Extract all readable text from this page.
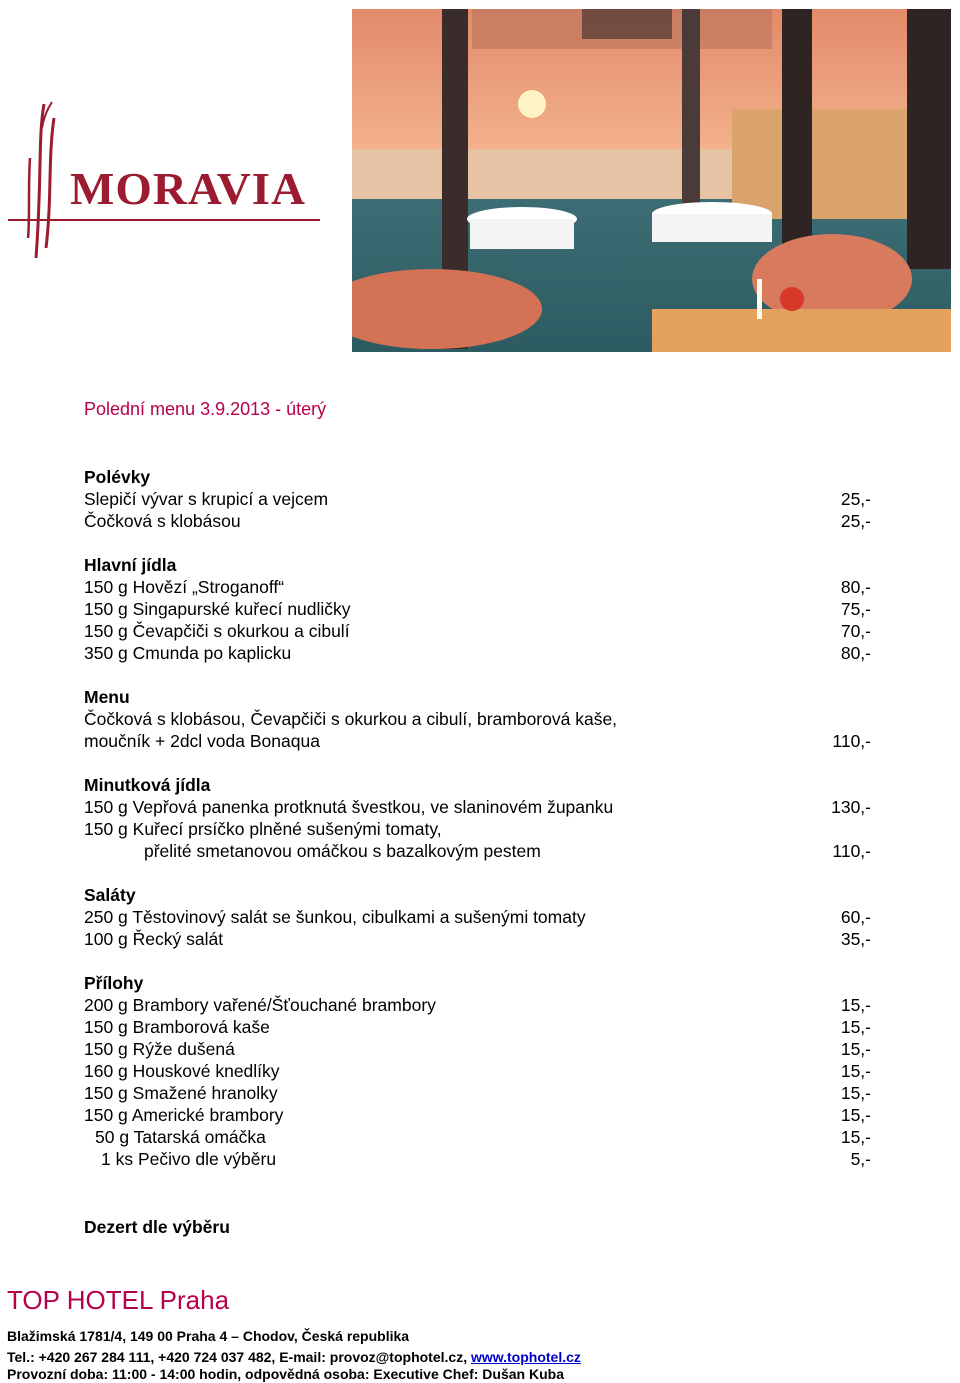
MORAVIA
Polední menu 3.9.2013 - úterý
Polévky
Slepičí vývar s krupicí a vejcem	25,-
Čočková s klobásou	25,-
Hlavní jídla
150 g Hovězí „Stroganoff“	80,-
150 g Singapurské kuřecí nudličky	75,-
150 g Čevapčiči s okurkou a cibulí	70,-
350 g Cmunda po kaplicku	80,-
Menu
Čočková s klobásou, Čevapčiči s okurkou a cibulí, bramborová kaše,
moučník + 2dcl voda Bonaqua	110,-
Minutková jídla
150 g Vepřová panenka protknutá švestkou, ve slaninovém županku	130,-
150 g Kuřecí prsíčko plněné sušenými tomaty,
přelité smetanovou omáčkou s bazalkovým pestem	110,-
Saláty
250 g Těstovinový salát se šunkou, cibulkami a sušenými tomaty	60,-
100 g Řecký salát	35,-
Přílohy
200 g Brambory vařené/Šťouchané brambory	15,-
150 g Bramborová kaše	15,-
150 g Rýže dušená	15,-
160 g Houskové knedlíky	15,-
150 g Smažené hranolky	15,-
150 g Americké brambory	15,-
50 g Tatarská omáčka	15,-
1 ks Pečivo dle výběru	5,-
Dezert dle výběru
TOP HOTEL Praha
Blažimská 1781/4, 149 00 Praha 4 – Chodov, Česká republika
Tel.: +420 267 284 111, +420 724 037 482, E-mail: provoz@tophotel.cz, www.tophotel.cz
Provozní doba: 11:00 - 14:00 hodin, odpovědná osoba: Executive Chef: Dušan Kuba
